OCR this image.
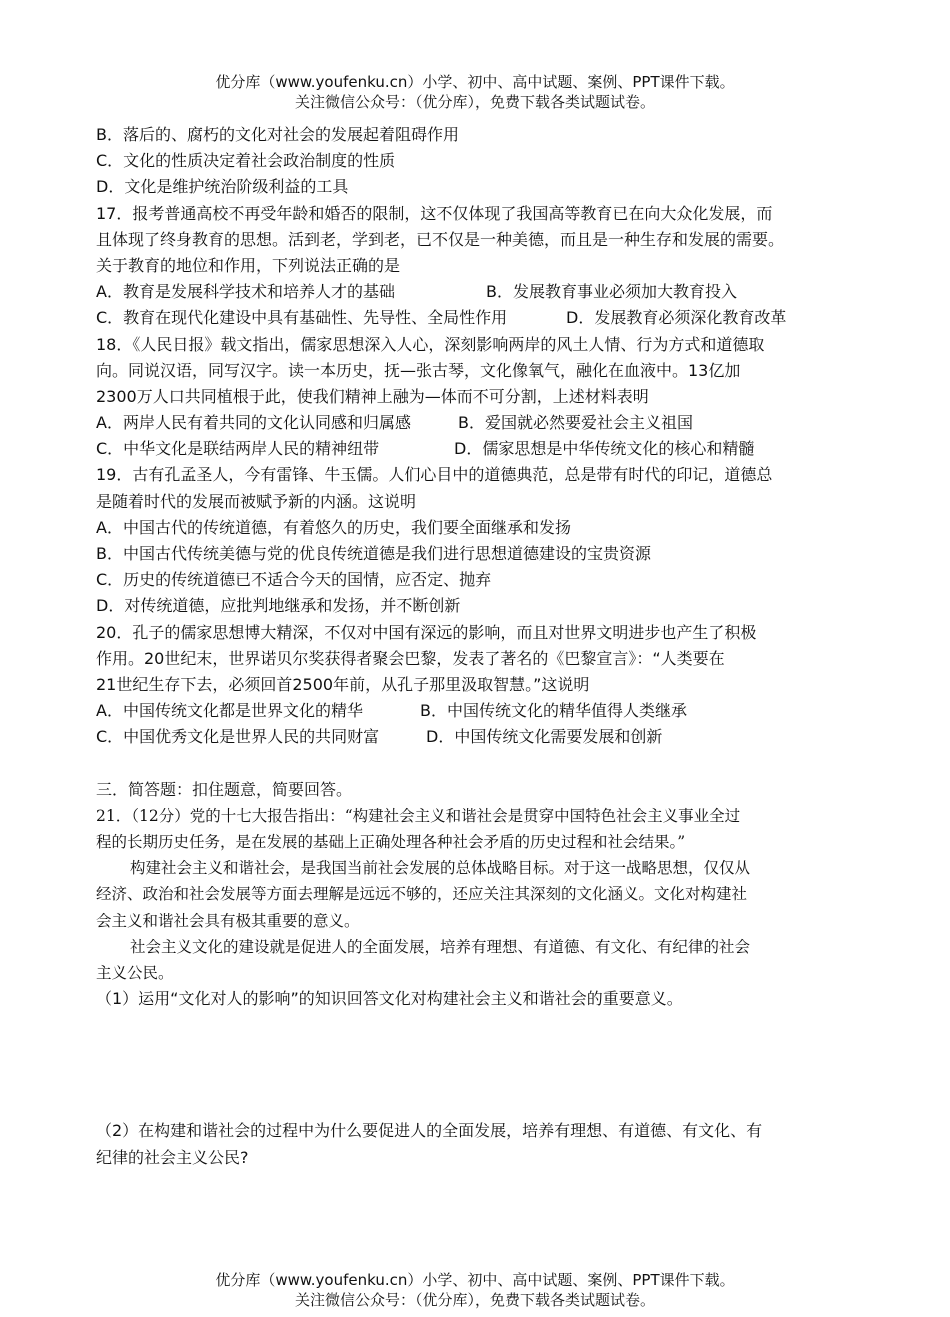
优分库（www.youfenku.cn）小学、初中、高中试题、案例、PPT课件下载。
关注微信公众号：（优分库），免费下载各类试题试卷。
B．落后的、腐朽的文化对社会的发展起着阻碍作用
C．文化的性质决定着社会政治制度的性质
D．文化是维护统治阶级利益的工具
17．报考普通高校不再受年龄和婚否的限制，这不仅体现了我国高等教育已在向大众化发展，而
且体现了终身教育的思想。活到老，学到老，已不仅是一种美德，而且是一种生存和发展的需要。
关于教育的地位和作用，下列说法正确的是
A．教育是发展科学技术和培养人才的基础	B．发展教育事业必须加大教育投入
C．教育在现代化建设中具有基础性、先导性、全局性作用	D．发展教育必须深化教育改革
18．《人民日报》载文指出，儒家思想深入人心，深刻影响两岸的风土人情、行为方式和道德取
向。同说汉语，同写汉字。读一本历史，抚—张古琴，文化像氧气，融化在血液中。13亿加
2300万人口共同植根于此，使我们精神上融为—体而不可分割，上述材料表明
A．两岸人民有着共同的文化认同感和归属感	B．爱国就必然要爱社会主义祖国
C．中华文化是联结两岸人民的精神纽带	D．儒家思想是中华传统文化的核心和精髓
19．古有孔孟圣人，今有雷锋、牛玉儒。人们心目中的道德典范，总是带有时代的印记，道德总
是随着时代的发展而被赋予新的内涵。这说明
A．中国古代的传统道德，有着悠久的历史，我们要全面继承和发扬
B．中国古代传统美德与党的优良传统道德是我们进行思想道德建设的宝贵资源
C．历史的传统道德已不适合今天的国情，应否定、抛弃
D．对传统道德，应批判地继承和发扬，并不断创新
20．孔子的儒家思想博大精深，不仅对中国有深远的影响，而且对世界文明进步也产生了积极
作用。20世纪末，世界诺贝尔奖获得者聚会巴黎，发表了著名的《巴黎宣言》：“人类要在
21世纪生存下去，必须回首2500年前，从孔子那里汲取智慧。”这说明
A．中国传统文化都是世界文化的精华	B．中国传统文化的精华值得人类继承
C．中国优秀文化是世界人民的共同财富	D．中国传统文化需要发展和创新
三．简答题：扣住题意，简要回答。
21．（12分）党的十七大报告指出：“构建社会主义和谐社会是贯穿中国特色社会主义事业全过
程的长期历史任务，是在发展的基础上正确处理各种社会矛盾的历史过程和社会结果。”
构建社会主义和谐社会，是我国当前社会发展的总体战略目标。对于这一战略思想，仅仅从
经济、政治和社会发展等方面去理解是远远不够的，还应关注其深刻的文化涵义。文化对构建社
会主义和谐社会具有极其重要的意义。
社会主义文化的建设就是促进人的全面发展，培养有理想、有道德、有文化、有纪律的社会
主义公民。
（1）运用“文化对人的影响”的知识回答文化对构建社会主义和谐社会的重要意义。
（2）在构建和谐社会的过程中为什么要促进人的全面发展，培养有理想、有道德、有文化、有
纪律的社会主义公民?
优分库（www.youfenku.cn）小学、初中、高中试题、案例、PPT课件下载。
关注微信公众号：（优分库），免费下载各类试题试卷。
